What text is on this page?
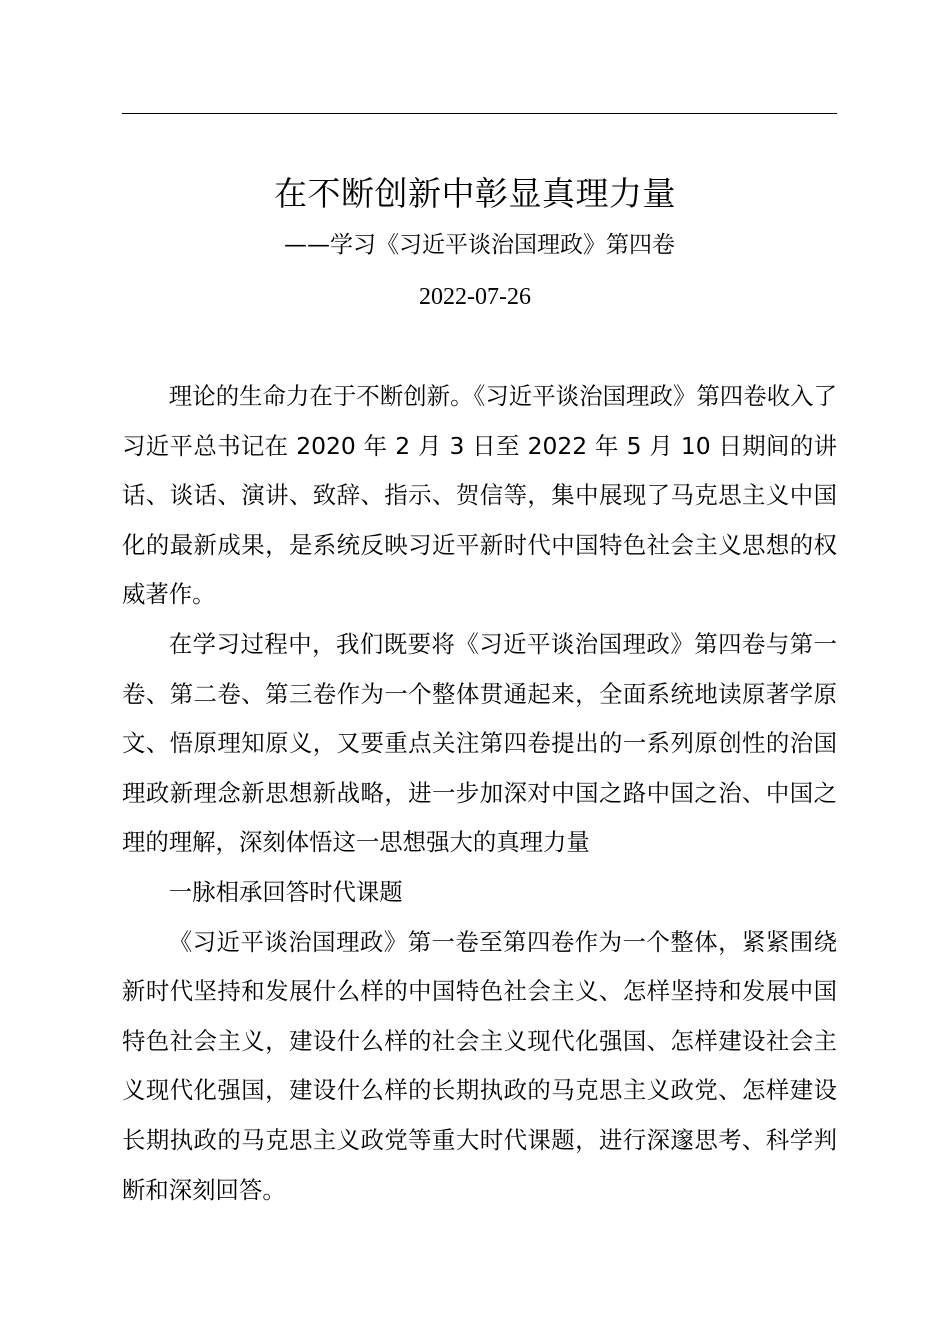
在不断创新中彰显真理力量
——学习《习近平谈治国理政》第四卷
2022-07-26

理论的生命力在于不断创新。《习近平谈治国理政》第四卷收入了习近平总书记在 2020 年 2 月 3 日至 2022 年 5 月 10 日期间的讲话、谈话、演讲、致辞、指示、贺信等，集中展现了马克思主义中国化的最新成果，是系统反映习近平新时代中国特色社会主义思想的权威著作。

在学习过程中，我们既要将《习近平谈治国理政》第四卷与第一卷、第二卷、第三卷作为一个整体贯通起来，全面系统地读原著学原文、悟原理知原义，又要重点关注第四卷提出的一系列原创性的治国理政新理念新思想新战略，进一步加深对中国之路中国之治、中国之理的理解，深刻体悟这一思想强大的真理力量

一脉相承回答时代课题

《习近平谈治国理政》第一卷至第四卷作为一个整体，紧紧围绕新时代坚持和发展什么样的中国特色社会主义、怎样坚持和发展中国特色社会主义，建设什么样的社会主义现代化强国、怎样建设社会主义现代化强国，建设什么样的长期执政的马克思主义政党、怎样建设长期执政的马克思主义政党等重大时代课题，进行深邃思考、科学判断和深刻回答。
